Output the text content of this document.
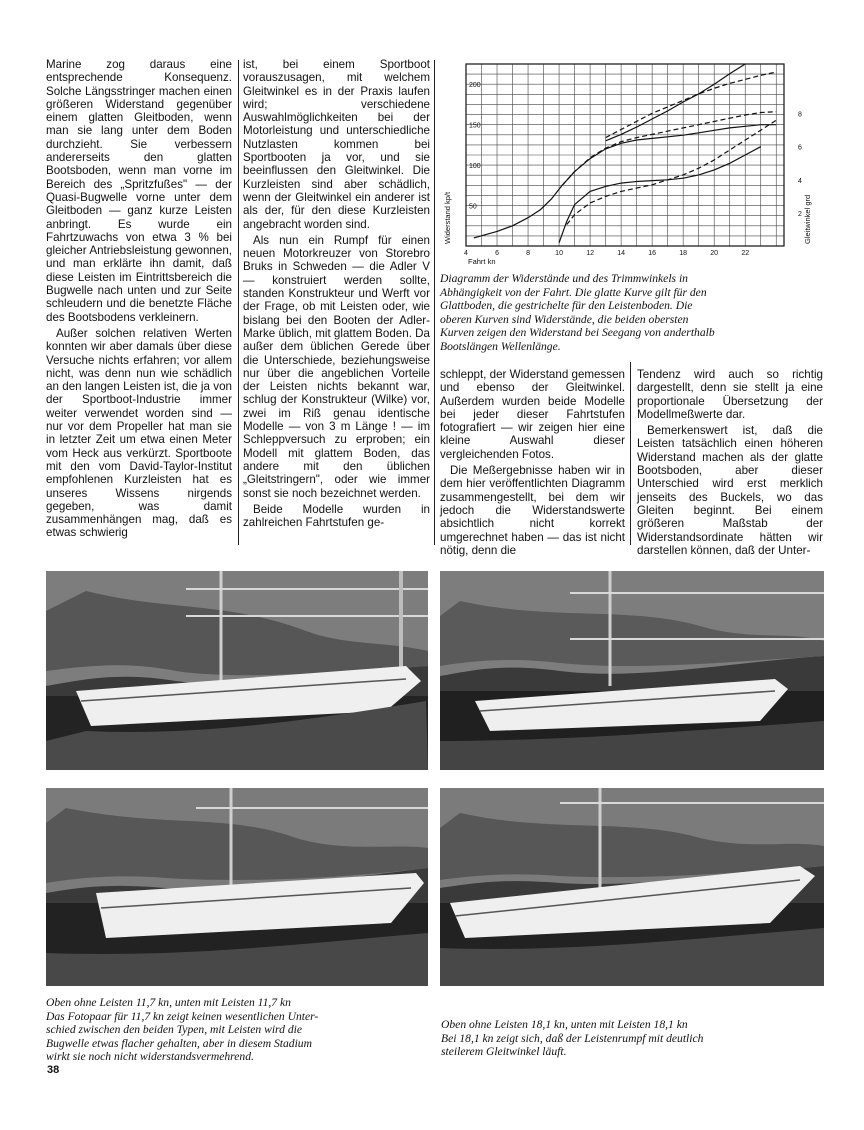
Marine zog daraus eine entsprechende Konsequenz. Solche Längsstringer machen einen größeren Widerstand gegenüber einem glatten Gleitboden, wenn man sie lang unter dem Boden durchzieht. Sie verbessern andererseits den glatten Bootsboden, wenn man vorne im Bereich des „Spritzfußes" — der Quasi-Bugwelle vorne unter dem Gleitboden — ganz kurze Leisten anbringt. Es wurde ein Fahrtzuwachs von etwa 3 % bei gleicher Antriebsleistung gewonnen, und man erklärte ihn damit, daß diese Leisten im Eintrittsbereich die Bugwelle nach unten und zur Seite schleudern und die benetzte Fläche des Bootsbodens verkleinern.

Außer solchen relativen Werten konnten wir aber damals über diese Versuche nichts erfahren; vor allem nicht, was denn nun wie schädlich an den langen Leisten ist, die ja von der Sportboot-Industrie immer weiter verwendet worden sind — nur vor dem Propeller hat man sie in letzter Zeit um etwa einen Meter vom Heck aus verkürzt. Sportboote mit den vom David-Taylor-Institut empfohlenen Kurzleisten hat es unseres Wissens nirgends gegeben, was damit zusammenhängen mag, daß es etwas schwierig

ist, bei einem Sportboot vorauszusagen, mit welchem Gleitwinkel es in der Praxis laufen wird; verschiedene Auswahlmöglichkeiten bei der Motorleistung und unterschiedliche Nutzlasten kommen bei Sportbooten ja vor, und sie beeinflussen den Gleitwinkel. Die Kurzleisten sind aber schädlich, wenn der Gleitwinkel ein anderer ist als der, für den diese Kurzleisten angebracht worden sind.

Als nun ein Rumpf für einen neuen Motorkreuzer von Storebro Bruks in Schweden — die Adler V — konstruiert werden sollte, standen Konstrukteur und Werft vor der Frage, ob mit Leisten oder, wie bislang bei den Booten der Adler-Marke üblich, mit glattem Boden. Da außer dem üblichen Gerede über die Unterschiede, beziehungsweise nur über die angeblichen Vorteile der Leisten nichts bekannt war, schlug der Konstrukteur (Wilke) vor, zwei im Riß genau identische Modelle — von 3 m Länge ! — im Schleppversuch zu erproben; ein Modell mit glattem Boden, das andere mit den üblichen „Gleitstringern", oder wie immer sonst sie noch bezeichnet werden.

Beide Modelle wurden in zahlreichen Fahrtstufen ge-

4	6	8	10	12	14	16	18	20	22
50
100
150
200
2
4
6
8
Fahrt kn
Widerstand kp/t	Gleitwinkel grd
Diagramm der Widerstände und des Trimmwinkels in
Abhängigkeit von der Fahrt. Die glatte Kurve gilt für den
Glattboden, die gestrichelte für den Leistenboden. Die
oberen Kurven sind Widerstände, die beiden obersten
Kurven zeigen den Widerstand bei Seegang von anderthalb
Bootslängen Wellenlänge.

schleppt, der Widerstand gemessen und ebenso der Gleitwinkel. Außerdem wurden beide Modelle bei jeder dieser Fahrtstufen fotografiert — wir zeigen hier eine kleine Auswahl dieser vergleichenden Fotos.

Die Meßergebnisse haben wir in dem hier veröffentlichten Diagramm zusammengestellt, bei dem wir jedoch die Widerstandswerte absichtlich nicht korrekt umgerechnet haben — das ist nicht nötig, denn die

Tendenz wird auch so richtig dargestellt, denn sie stellt ja eine proportionale Übersetzung der Modellmeßwerte dar.

Bemerkenswert ist, daß die Leisten tatsächlich einen höheren Widerstand machen als der glatte Bootsboden, aber dieser Unterschied wird erst merklich jenseits des Buckels, wo das Gleiten beginnt. Bei einem größeren Maßstab der Widerstandsordinate hätten wir darstellen können, daß der Unter-

Oben ohne Leisten 11,7 kn, unten mit Leisten 11,7 kn
Das Fotopaar für 11,7 kn zeigt keinen wesentlichen Unter-
schied zwischen den beiden Typen, mit Leisten wird die
Bugwelle etwas flacher gehalten, aber in diesem Stadium
wirkt sie noch nicht widerstandsvermehrend.
Oben ohne Leisten 18,1 kn, unten mit Leisten 18,1 kn
Bei 18,1 kn zeigt sich, daß der Leistenrumpf mit deutlich
steilerem Gleitwinkel läuft.
38
